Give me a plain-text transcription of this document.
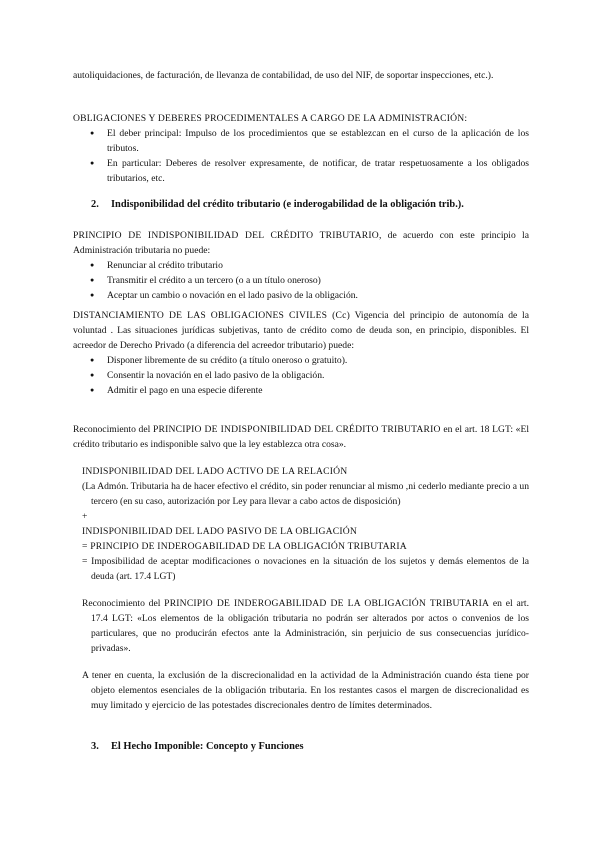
autoliquidaciones, de facturación, de llevanza de contabilidad, de uso del NIF, de soportar inspecciones, etc.).

OBLIGACIONES Y DEBERES PROCEDIMENTALES A CARGO DE LA ADMINISTRACIÓN:
● El deber principal: Impulso de los procedimientos que se establezcan en el curso de la aplicación de los tributos.
● En particular: Deberes de resolver expresamente, de notificar, de tratar respetuosamente a los obligados tributarios, etc.
2. Indisponibilidad del crédito tributario (e inderogabilidad de la obligación trib.).
PRINCIPIO DE INDISPONIBILIDAD DEL CRÉDITO TRIBUTARIO, de acuerdo con este principio la Administración tributaria no puede:
● Renunciar al crédito tributario
● Transmitir el crédito a un tercero (o a un título oneroso)
● Aceptar un cambio o novación en el lado pasivo de la obligación.
DISTANCIAMIENTO DE LAS OBLIGACIONES CIVILES (Cc) Vigencia del principio de autonomía de la voluntad . Las situaciones jurídicas subjetivas, tanto de crédito como de deuda son, en principio, disponibles. El acreedor de Derecho Privado (a diferencia del acreedor tributario) puede:
● Disponer libremente de su crédito (a título oneroso o gratuito).
● Consentir la novación en el lado pasivo de la obligación.
● Admitir el pago en una especie diferente

Reconocimiento del PRINCIPIO DE INDISPONIBILIDAD DEL CRÉDITO TRIBUTARIO en el art. 18 LGT: «El crédito tributario es indisponible salvo que la ley establezca otra cosa».

INDISPONIBILIDAD DEL LADO ACTIVO DE LA RELACIÓN
(La Admón. Tributaria ha de hacer efectivo el crédito, sin poder renunciar al mismo ,ni cederlo mediante precio a un tercero (en su caso, autorización por Ley para llevar a cabo actos de disposición)
+
INDISPONIBILIDAD DEL LADO PASIVO DE LA OBLIGACIÓN
= PRINCIPIO DE INDEROGABILIDAD DE LA OBLIGACIÓN TRIBUTARIA
= Imposibilidad de aceptar modificaciones o novaciones en la situación de los sujetos y demás elementos de la deuda (art. 17.4 LGT)

Reconocimiento del PRINCIPIO DE INDEROGABILIDAD DE LA OBLIGACIÓN TRIBUTARIA en el art. 17.4 LGT: «Los elementos de la obligación tributaria no podrán ser alterados por actos o convenios de los particulares, que no producirán efectos ante la Administración, sin perjuicio de sus consecuencias jurídico-privadas».

A tener en cuenta, la exclusión de la discrecionalidad en la actividad de la Administración cuando ésta tiene por objeto elementos esenciales de la obligación tributaria. En los restantes casos el margen de discrecionalidad es muy limitado y ejercicio de las potestades discrecionales dentro de límites determinados.

3. El Hecho Imponible: Concepto y Funciones
